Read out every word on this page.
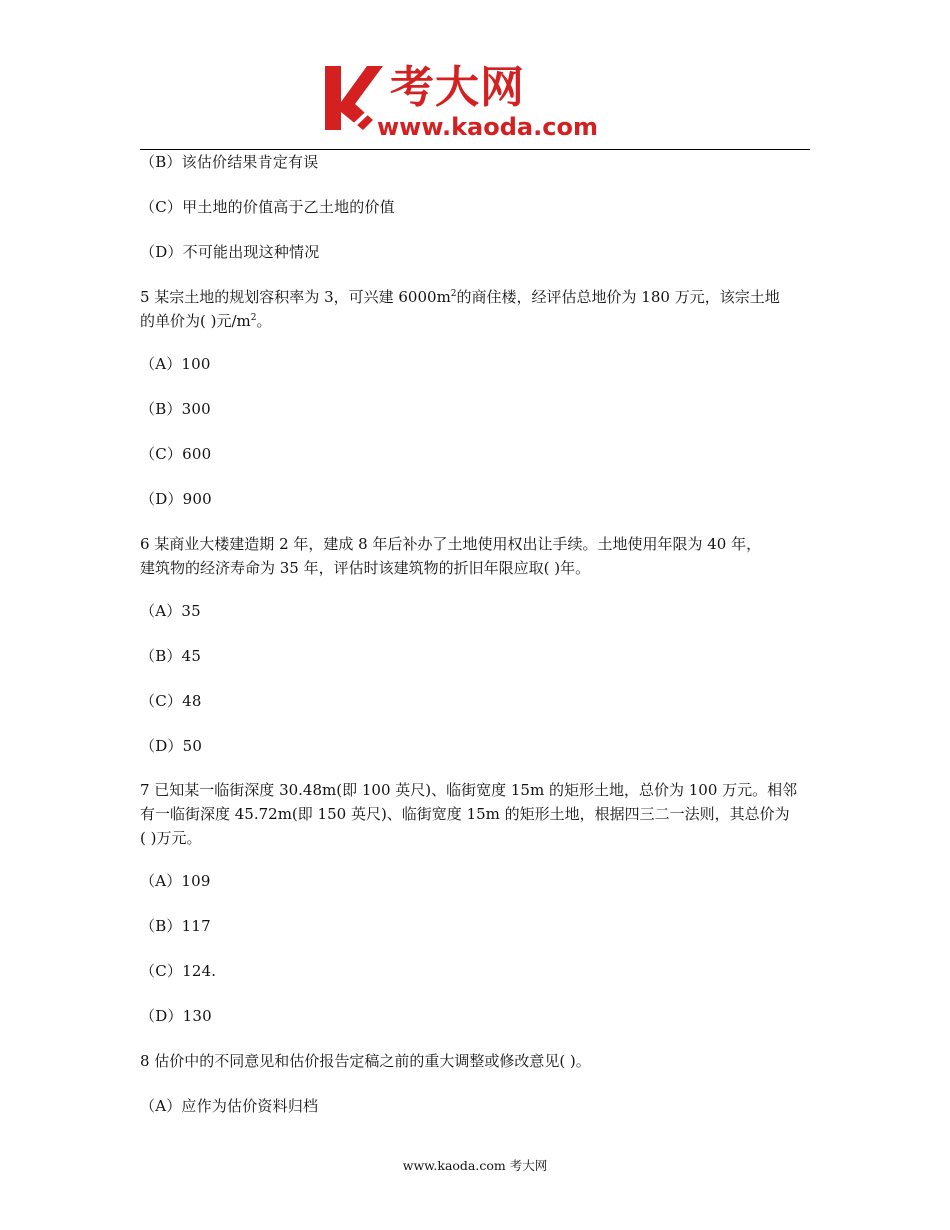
考大网
www.kaoda.com
（B）该估价结果肯定有误
（C）甲土地的价值高于乙土地的价值
（D）不可能出现这种情况
5 某宗土地的规划容积率为 3，可兴建 $6000m^2$的商住楼，经评估总地价为 180 万元，该宗土地
的单价为( )元$/m^2$。
（A）100
（B）300
（C）600
（D）900
6 某商业大楼建造期 2 年，建成 8 年后补办了土地使用权出让手续。土地使用年限为 40 年，
建筑物的经济寿命为 35 年，评估时该建筑物的折旧年限应取( )年。
（A）35
（B）45
（C）48
（D）50
7 已知某一临街深度 30.48m(即 100 英尺)、临街宽度 15m 的矩形土地，总价为 100 万元。相邻
有一临街深度 45.72m(即 150 英尺)、临街宽度 15m 的矩形土地，根据四三二一法则，其总价为
( )万元。
（A）109
（B）117
（C）124.
（D）130
8 估价中的不同意见和估价报告定稿之前的重大调整或修改意见( )。
（A）应作为估价资料归档
www.kaoda.com 考大网
